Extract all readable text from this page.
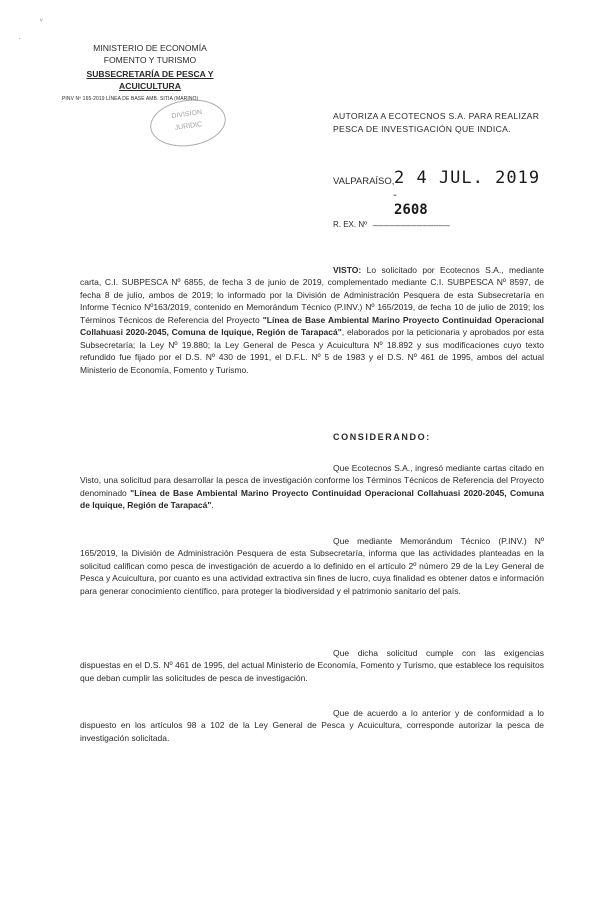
ᵥ
·
MINISTERIO DE ECONOMÍA
FOMENTO Y TURISMO
SUBSECRETARÍA DE PESCA Y ACUICULTURA
PINV Nº 165-2019 LÍNEA DE BASE AMB. SITIA (MARINO)
DIVISION
JURIDIC
AUTORIZA A ECOTECNOS S.A. PARA REALIZAR
PESCA DE INVESTIGACIÓN QUE INDICA.
VALPARAÍSO, 2 4 JUL. 2019
-
R. EX. Nº
2608
______________

VISTO: Lo solicitado por Ecotecnos S.A., mediante carta, C.I. SUBPESCA Nº 6855, de fecha 3 de junio de 2019, complementado mediante C.I. SUBPESCA Nº 8597, de fecha 8 de julio, ambos de 2019; lo informado por la División de Administración Pesquera de esta Subsecretaría en Informe Técnico Nº163/2019, contenido en Memorándum Técnico (P.INV.) Nº 165/2019, de fecha 10 de julio de 2019; los Términos Técnicos de Referencia del Proyecto "Línea de Base Ambiental Marino Proyecto Continuidad Operacional Collahuasi 2020-2045, Comuna de Iquique, Región de Tarapacá", elaborados por la peticionaria y aprobados por esta Subsecretaría; la Ley Nº 19.880; la Ley General de Pesca y Acuicultura Nº 18.892 y sus modificaciones cuyo texto refundido fue fijado por el D.S. Nº 430 de 1991, el D.F.L. Nº 5 de 1983 y el D.S. Nº 461 de 1995, ambos del actual Ministerio de Economía, Fomento y Turismo.

CONSIDERANDO:

Que Ecotecnos S.A., ingresó mediante cartas citado en Visto, una solicitud para desarrollar la pesca de investigación conforme los Términos Técnicos de Referencia del Proyecto denominado "Línea de Base Ambiental Marino Proyecto Continuidad Operacional Collahuasi 2020-2045, Comuna de Iquique, Región de Tarapacá".

Que mediante Memorándum Técnico (P.INV.) Nº 165/2019, la División de Administración Pesquera de esta Subsecretaría, informa que las actividades planteadas en la solicitud califican como pesca de investigación de acuerdo a lo definido en el artículo 2º número 29 de la Ley General de Pesca y Acuicultura, por cuanto es una actividad extractiva sin fines de lucro, cuya finalidad es obtener datos e información para generar conocimiento científico, para proteger la biodiversidad y el patrimonio sanitario del país.

Que dicha solicitud cumple con las exigencias dispuestas en el D.S. Nº 461 de 1995, del actual Ministerio de Economía, Fomento y Turismo, que establece los requisitos que deban cumplir las solicitudes de pesca de investigación.

Que de acuerdo a lo anterior y de conformidad a lo dispuesto en los artículos 98 a 102 de la Ley General de Pesca y Acuicultura, corresponde autorizar la pesca de investigación solicitada.
